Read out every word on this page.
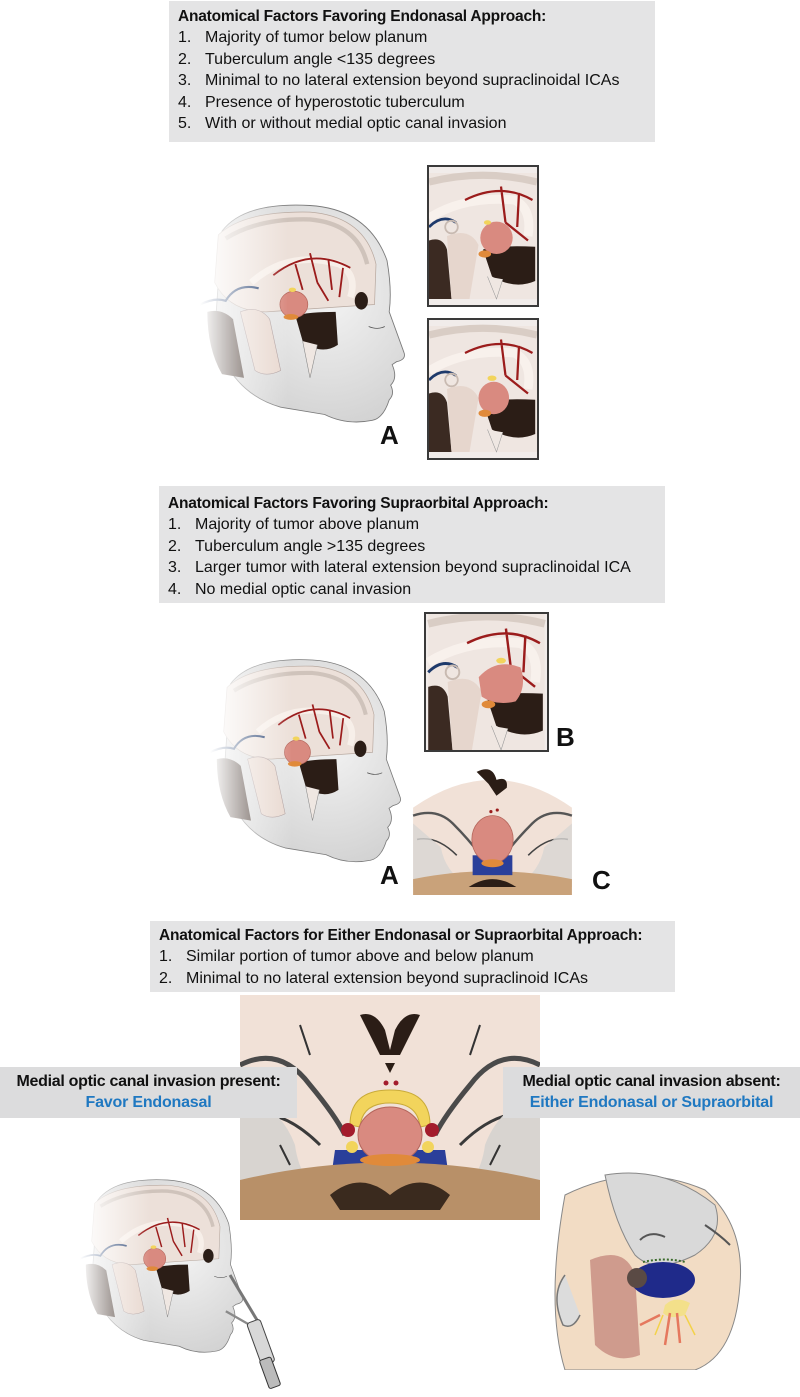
Anatomical Factors Favoring Endonasal Approach:
1. Majority of tumor below planum
2. Tuberculum angle <135 degrees
3. Minimal to no lateral extension beyond supraclinoidal ICAs
4. Presence of hyperostotic tuberculum
5. With or without medial optic canal invasion
A
Anatomical Factors Favoring Supraorbital Approach:
1. Majority of tumor above planum
2. Tuberculum angle >135 degrees
3. Larger tumor with lateral extension beyond supraclinoidal ICA
4. No medial optic canal invasion
A
B
C
Anatomical Factors for Either Endonasal or Supraorbital Approach:
1. Similar portion of tumor above and below planum
2. Minimal to no lateral extension beyond supraclinoid ICAs
Medial optic canal invasion present:
Favor Endonasal
Medial optic canal invasion absent:
Either Endonasal or Supraorbital
